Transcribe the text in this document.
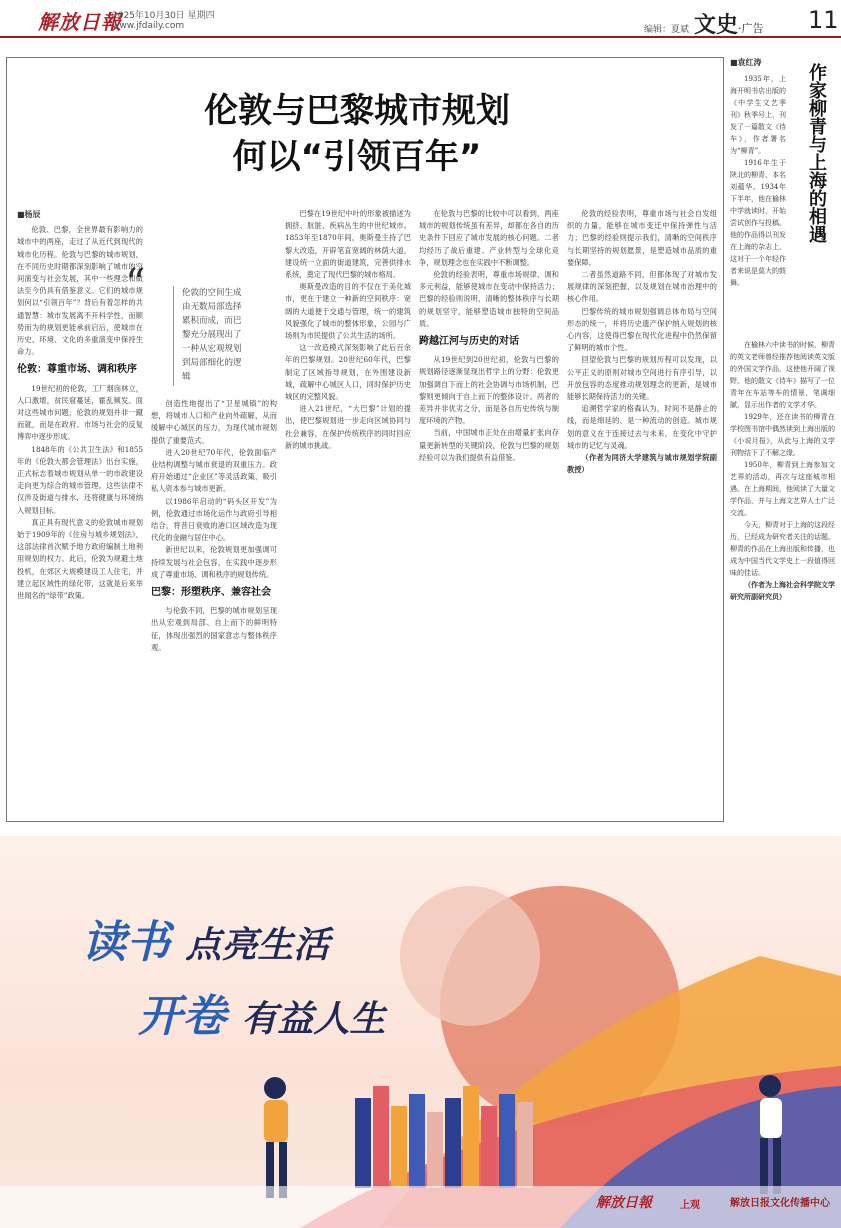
解放日報
2025年10月30日 星期四
www.jfdaily.com	编辑：夏斌 文史·广告 11
伦敦与巴黎城市规划
何以“引领百年”
“	伦敦的空间生成由无数局部选择累积而成，而巴黎充分展现出了一种从宏观规划到局部细化的逻辑
■杨辰

伦敦、巴黎，全世界最有影响力的城市中的两座，走过了从近代到现代的城市化历程。伦敦与巴黎的城市规划，在不同历史时期都深刻影响了城市的空间演变与社会发展，其中一些理念和做法至今仍具有借鉴意义。它们的城市规划何以“引领百年”？背后有着怎样的共通智慧：城市发展离不开科学性，而顺势而为的规划更能承前启后，使城市在历史、环境、文化的多重演变中保持生命力。

伦敦：尊重市场、调和秩序

19世纪初的伦敦，工厂烟囱林立，人口激增，贫民窟蔓延，霍乱频发。面对这些城市问题，伦敦的规划并非一蹴而就，而是在政府、市场与社会的反复博弈中逐步形成。

1848年的《公共卫生法》和1855年的《伦敦大都会管理法》出台实施，正式标志着城市规划从单一的市政建设走向更为综合的城市管理。这些法律不仅涉及街道与排水，还将健康与环境纳入规划目标。

真正具有现代意义的伦敦城市规划始于1909年的《住房与城乡规划法》，这部法律首次赋予地方政府编制土地利用规划的权力。此后，伦敦为规避土地投机，在郊区大规模建设工人住宅，并建立起区域性的绿化带，这就是后来举世闻名的“绿带”政策。

创造性地提出了“卫星城镇”的构想，将城市人口和产业向外疏解，从而缓解中心城区的压力，为现代城市规划提供了重要范式。

进入20世纪70年代，伦敦面临产业结构调整与城市衰退的双重压力。政府开始通过“企业区”等灵活政策，吸引私人资本参与城市更新。

以1986年启动的“码头区开发”为例，伦敦通过市场化运作与政府引导相结合，将昔日衰败的港口区域改造为现代化的金融与居住中心。

新世纪以来，伦敦规划更加强调可持续发展与社会包容，在实践中逐步形成了尊重市场、调和秩序的规划传统。

巴黎：形塑秩序、兼容社会

与伦敦不同，巴黎的城市规划呈现出从宏观到局部、自上而下的鲜明特征，体现出强烈的国家意志与整体秩序观。

巴黎在19世纪中叶的形象被描述为拥挤、肮脏、疾病丛生的中世纪城市。1853年至1870年间，奥斯曼主持了巴黎大改造，开辟笔直宽阔的林荫大道，建设统一立面的街道建筑，完善供排水系统，奠定了现代巴黎的城市格局。

奥斯曼改造的目的不仅在于美化城市，更在于建立一种新的空间秩序：宽阔的大道便于交通与管理，统一的建筑风貌强化了城市的整体形象，公园与广场则为市民提供了公共生活的场所。

这一改造模式深刻影响了此后百余年的巴黎规划。20世纪60年代，巴黎制定了区域指导规划，在外围建设新城，疏解中心城区人口，同时保护历史城区的完整风貌。

进入21世纪，“大巴黎”计划的提出，使巴黎规划进一步走向区域协同与社会兼容，在保护传统秩序的同时回应新的城市挑战。

在伦敦与巴黎的比较中可以看到，两座城市的规划传统虽有差异，却都在各自的历史条件下回应了城市发展的核心问题。二者均经历了战后重建、产业转型与全球化竞争，规划理念也在实践中不断调整。

伦敦的经验表明，尊重市场规律、调和多元利益，能够使城市在变动中保持活力；巴黎的经验则说明，清晰的整体秩序与长期的规划坚守，能够塑造城市独特的空间品质。

跨越江河与历史的对话

从19世纪到20世纪初，伦敦与巴黎的规划路径逐渐显现出哲学上的分野：伦敦更加强调自下而上的社会协调与市场机制，巴黎则更倾向于自上而下的整体设计。两者的差异并非优劣之分，而是各自历史传统与制度环境的产物。

当前，中国城市正处在由增量扩张向存量更新转型的关键阶段，伦敦与巴黎的规划经验可以为我们提供有益借鉴。

伦敦的经验表明，尊重市场与社会自发组织的力量，能够在城市变迁中保持弹性与活力；巴黎的经验则提示我们，清晰的空间秩序与长期坚持的规划愿景，是塑造城市品质的重要保障。

二者虽然道路不同，但都体现了对城市发展规律的深刻把握，以及规划在城市治理中的核心作用。

巴黎传统的城市规划强调总体布局与空间形态的统一，并将历史遗产保护纳入规划的核心内容，这使得巴黎在现代化进程中仍然保留了鲜明的城市个性。

回望伦敦与巴黎的规划历程可以发现，以公平正义的原则对城市空间进行有序引导，以开放包容的态度推动规划理念的更新，是城市能够长期保持活力的关键。

追溯哲学家的格森认为，时间不是静止的线，而是绵延的、是一种流动的创造。城市规划的意义在于连接过去与未来，在变化中守护城市的记忆与灵魂。

（作者为同济大学建筑与城市规划学院副教授）

■袁红涛
作家柳青与上海的相遇

1935年，上海开明书店出版的《中学生文艺季刊》秋季号上，刊发了一篇散文《待车》，作者署名为“柳青”。

1916年生于陕北的柳青，本名刘蕴华。1934年下半年，他在榆林中学就读时，开始尝试创作与投稿。他的作品得以刊发在上海的杂志上，这对于一个年轻作者来说是莫大的鼓舞。

在榆林六中读书的时候，柳青的英文老师曾经推荐他阅读英文版的外国文学作品，这使他开阔了视野。他的散文《待车》描写了一位青年在车站等车的情景，笔调细腻，显示出作者的文学才华。

1929年，还在读书的柳青在学校图书馆中偶然读到上海出版的《小说月报》，从此与上海的文学刊物结下了不解之缘。

1950年，柳青到上海参加文艺界的活动，再次与这座城市相遇。在上海期间，他阅读了大量文学作品，并与上海文艺界人士广泛交流。

今天，柳青对于上海的这段经历，已经成为研究者关注的话题。柳青的作品在上海出版和传播，也成为中国当代文学史上一段值得回味的佳话。

（作者为上海社会科学院文学研究所副研究员）

读书 点亮生活
开卷 有益人生
解放日報	上观	解放日报文化传播中心
